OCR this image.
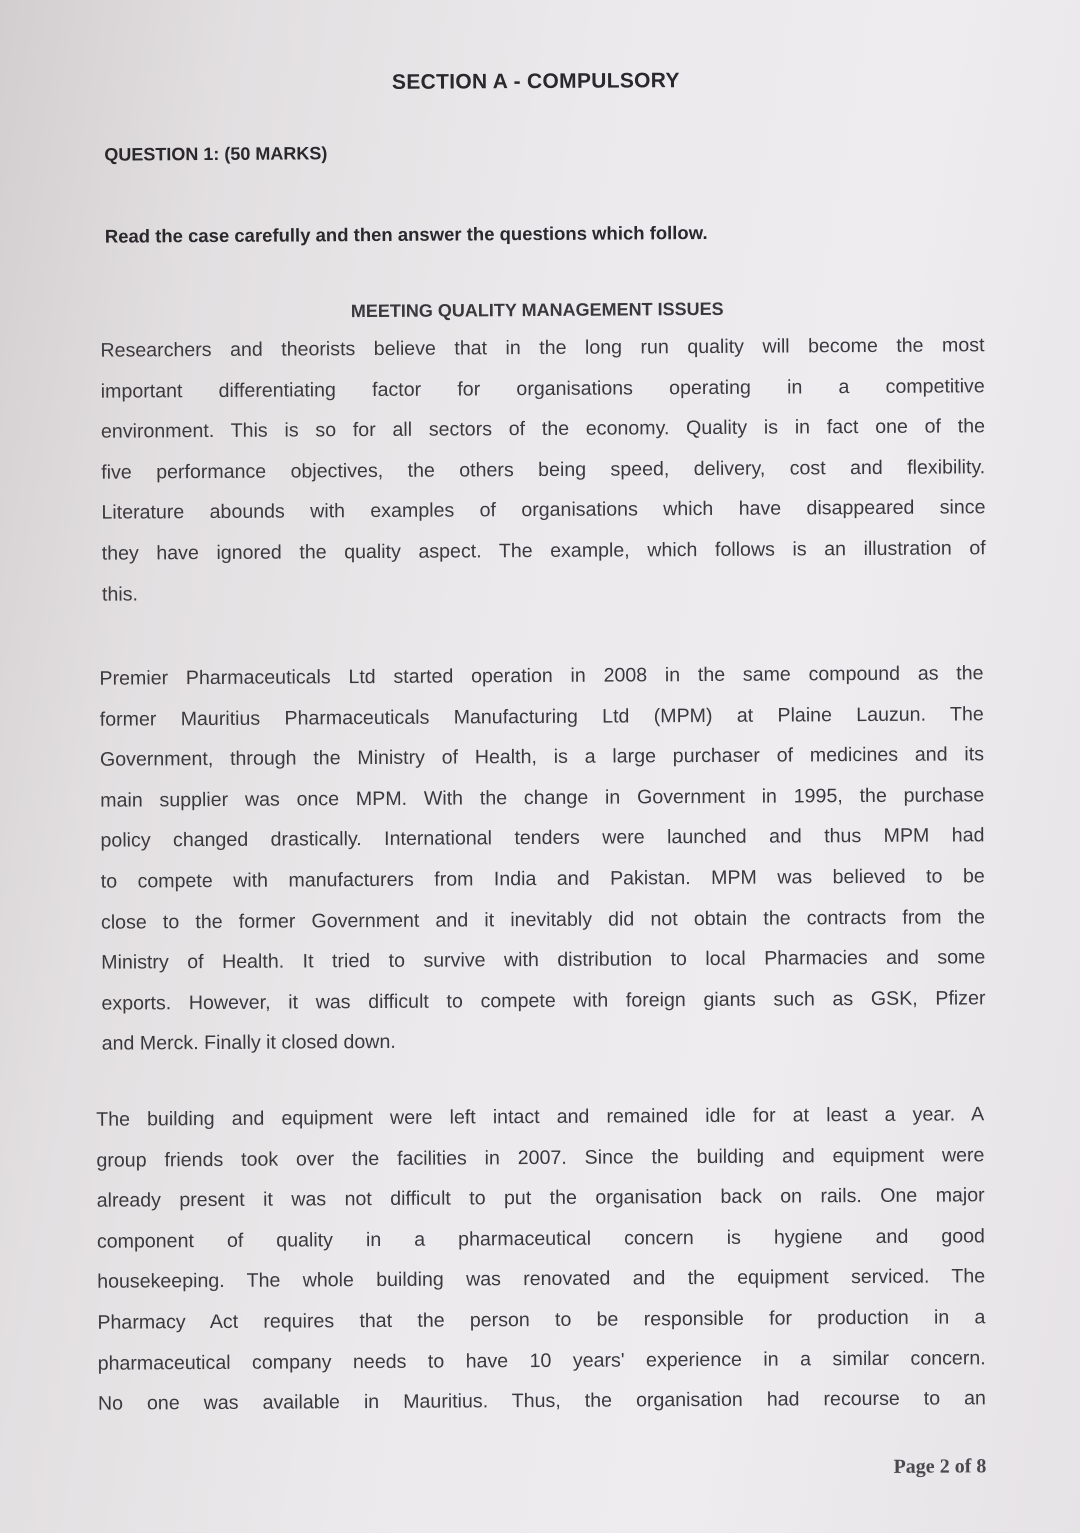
SECTION A - COMPULSORY
QUESTION 1: (50 MARKS)
Read the case carefully and then answer the questions which follow.
MEETING QUALITY MANAGEMENT ISSUES
Researchers and theorists believe that in the long run quality will become the most
important differentiating factor for organisations operating in a competitive
environment. This is so for all sectors of the economy. Quality is in fact one of the
five performance objectives, the others being speed, delivery, cost and flexibility.
Literature abounds with examples of organisations which have disappeared since
they have ignored the quality aspect. The example, which follows is an illustration of
this.
Premier Pharmaceuticals Ltd started operation in 2008 in the same compound as the
former Mauritius Pharmaceuticals Manufacturing Ltd (MPM) at Plaine Lauzun. The
Government, through the Ministry of Health, is a large purchaser of medicines and its
main supplier was once MPM. With the change in Government in 1995, the purchase
policy changed drastically. International tenders were launched and thus MPM had
to compete with manufacturers from India and Pakistan. MPM was believed to be
close to the former Government and it inevitably did not obtain the contracts from the
Ministry of Health. It tried to survive with distribution to local Pharmacies and some
exports. However, it was difficult to compete with foreign giants such as GSK, Pfizer
and Merck. Finally it closed down.
The building and equipment were left intact and remained idle for at least a year. A
group friends took over the facilities in 2007. Since the building and equipment were
already present it was not difficult to put the organisation back on rails. One major
component of quality in a pharmaceutical concern is hygiene and good
housekeeping. The whole building was renovated and the equipment serviced. The
Pharmacy Act requires that the person to be responsible for production in a
pharmaceutical company needs to have 10 years' experience in a similar concern.
No one was available in Mauritius. Thus, the organisation had recourse to an
Page 2 of 8
